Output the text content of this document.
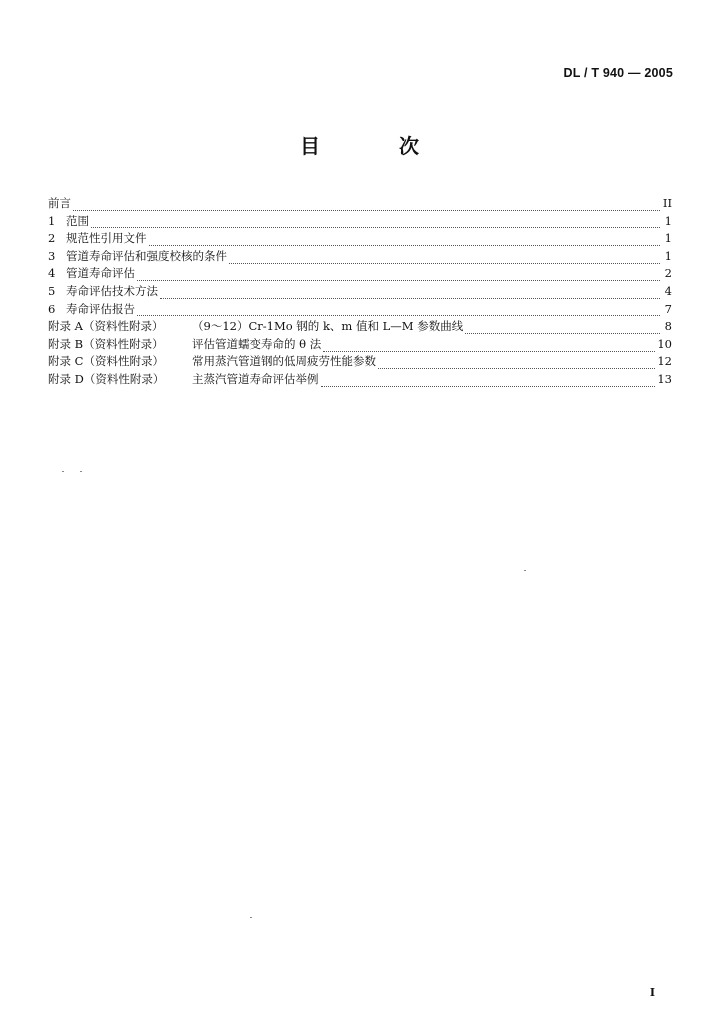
DL / T 940 — 2005
目 次
前言	II
1 范围	1
2 规范性引用文件	1
3 管道寿命评估和强度校核的条件	1
4 管道寿命评估	2
5 寿命评估技术方法	4
6 寿命评估报告	7
附录 A（资料性附录）	（9～12）Cr-1Mo 钢的 k、m 值和 L—M 参数曲线	8
附录 B（资料性附录）	评估管道蠕变寿命的 θ 法	10
附录 C（资料性附录）	常用蒸汽管道钢的低周疲劳性能参数	12
附录 D（资料性附录）	主蒸汽管道寿命评估举例	13
I
